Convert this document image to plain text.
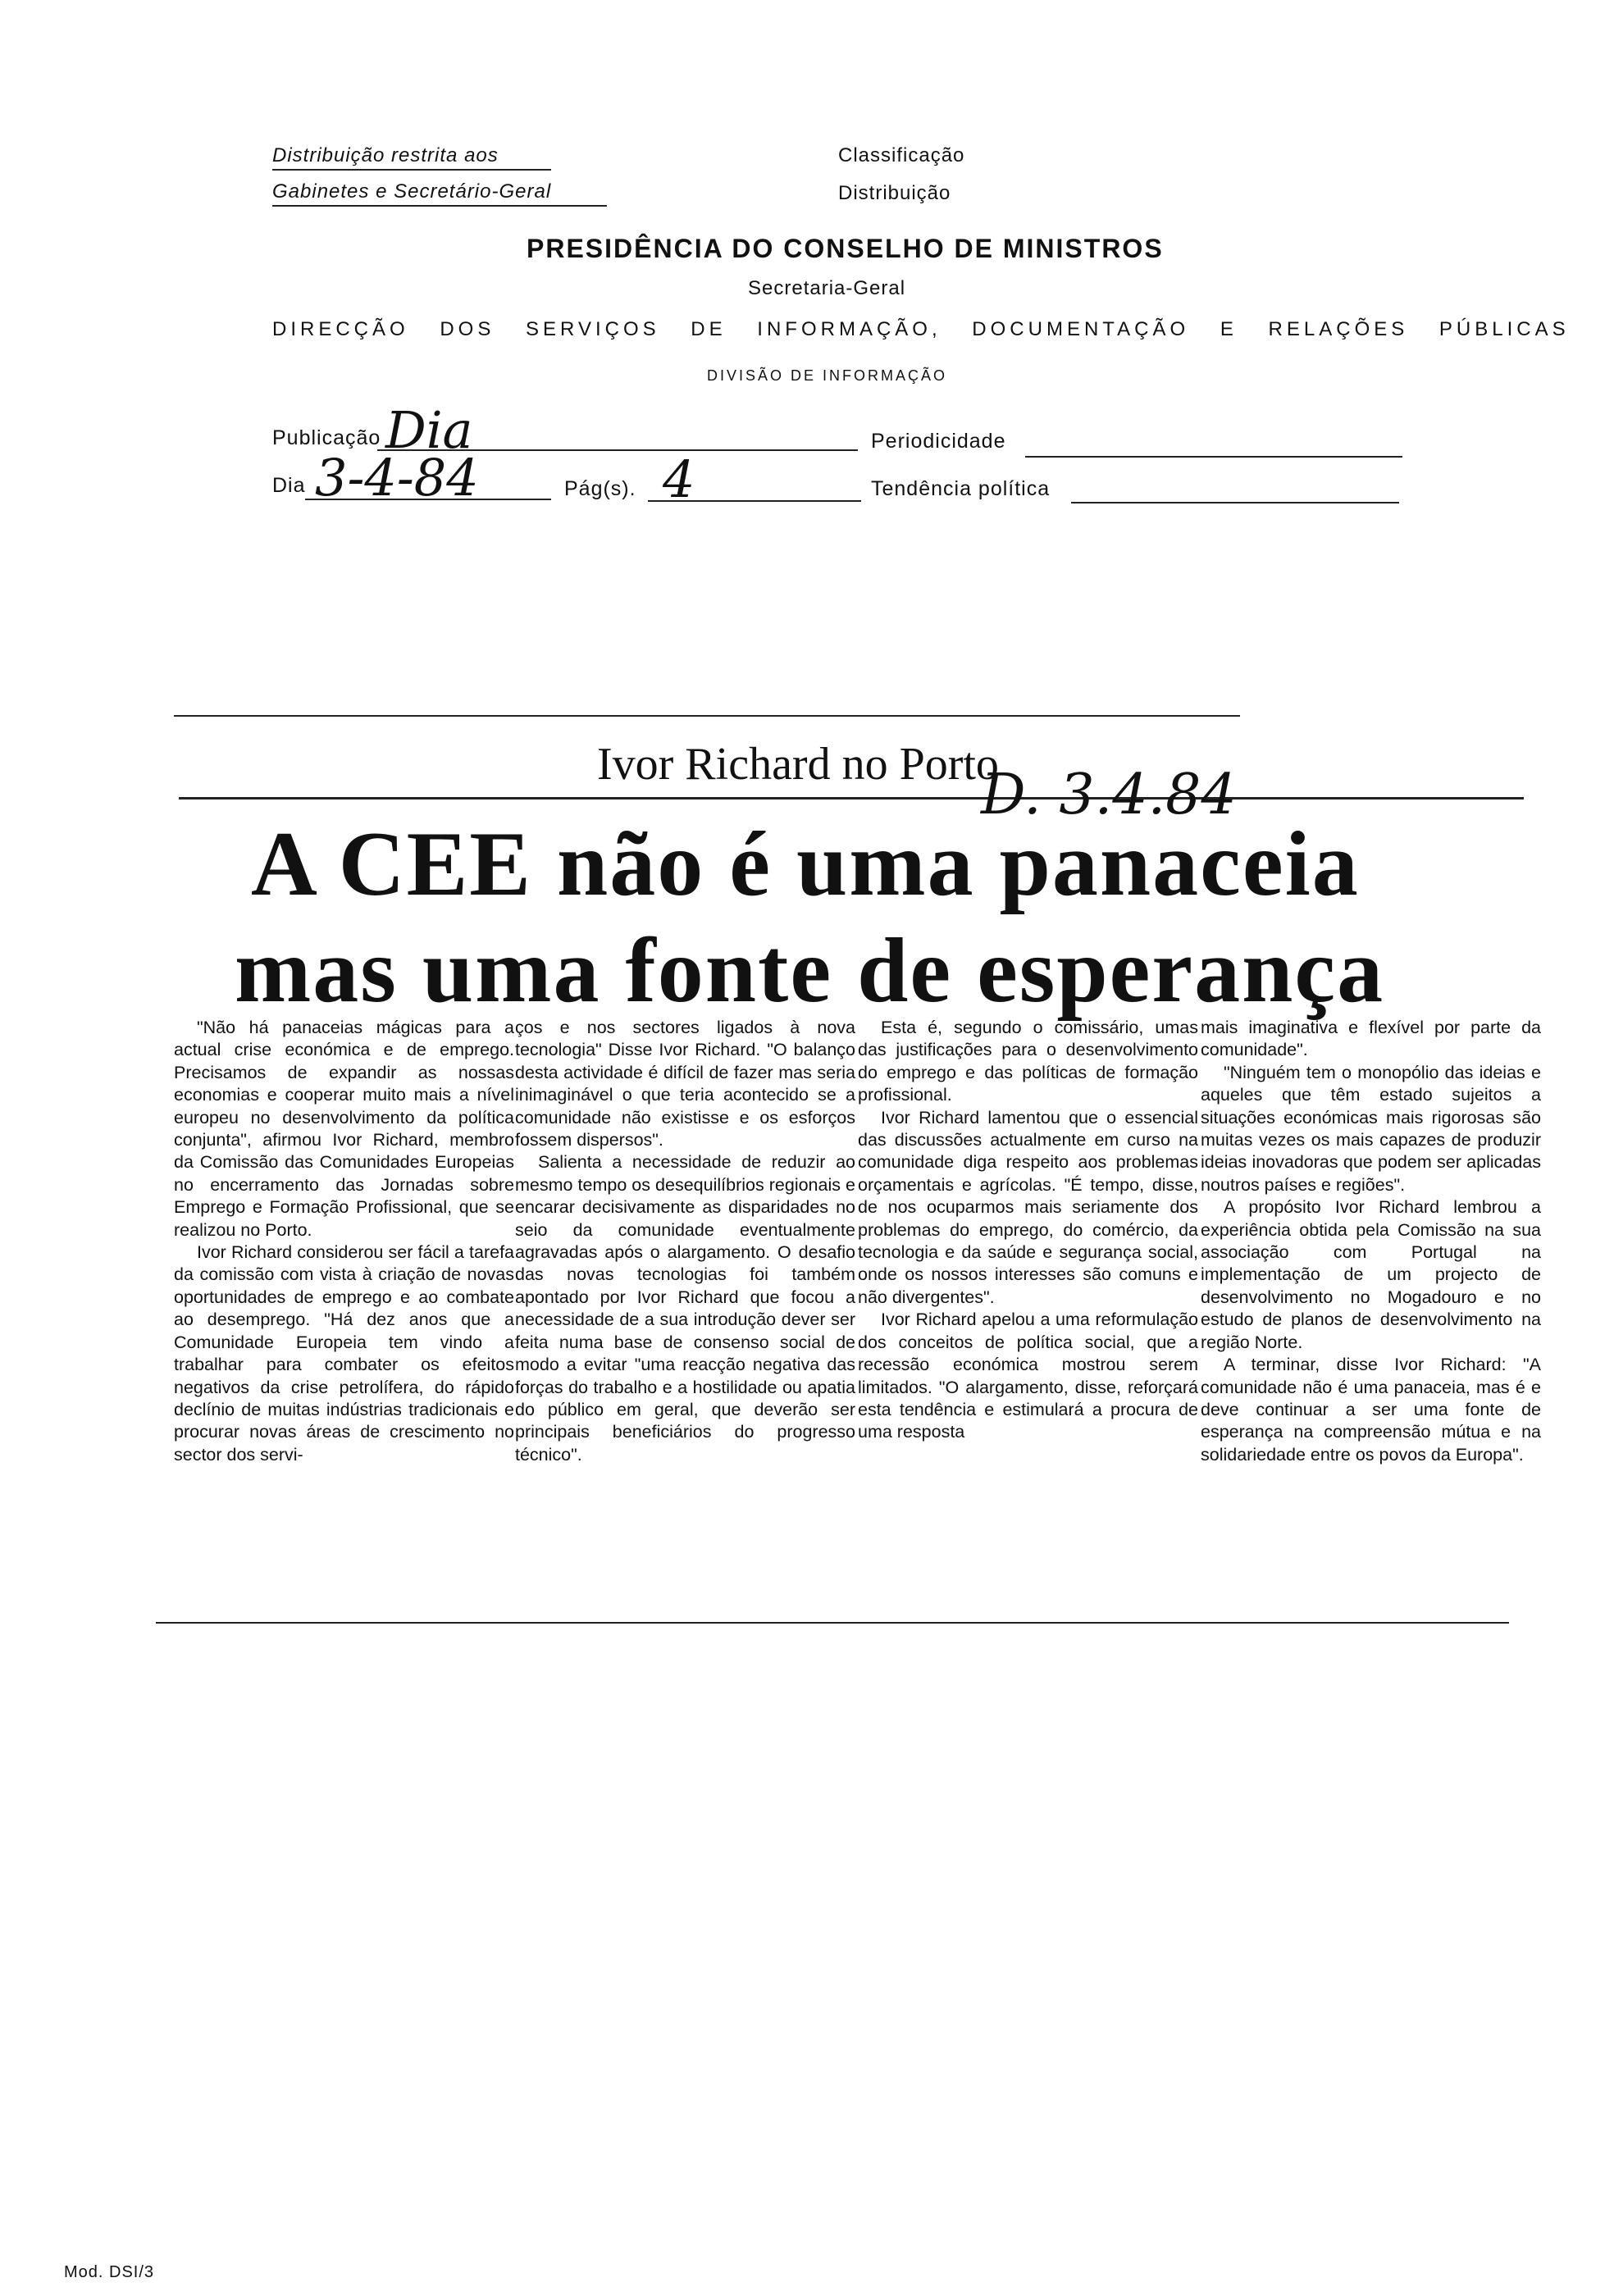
Distribuição restrita aos
Gabinetes e Secretário-Geral
Classificação
Distribuição
PRESIDÊNCIA DO CONSELHO DE MINISTROS
Secretaria-Geral
DIRECÇÃO DOS SERVIÇOS DE INFORMAÇÃO, DOCUMENTAÇÃO E RELAÇÕES PÚBLICAS
DIVISÃO DE INFORMAÇÃO
Publicação Dia	Periodicidade
Dia 3-4-84	Pág(s). 4	Tendência política
Ivor Richard no Porto
D. 3.4.84
A CEE não é uma panaceia
mas uma fonte de esperança

"Não há panaceias mágicas para a actual crise económica e de emprego. Precisamos de expandir as nossas economias e cooperar muito mais a nível europeu no desenvolvimento da política conjunta", afirmou Ivor Richard, membro da Comissão das Comunidades Europeias no encerramento das Jornadas sobre Emprego e Formação Profissional, que se realizou no Porto.

Ivor Richard considerou ser fácil a tarefa da comissão com vista à criação de novas oportunidades de emprego e ao combate ao desemprego. "Há dez anos que a Comunidade Europeia tem vindo a trabalhar para combater os efeitos negativos da crise petrolífera, do rápido declínio de muitas indústrias tradicionais e procurar novas áreas de crescimento no sector dos servi-

ços e nos sectores ligados à nova tecnologia" Disse Ivor Richard. "O balanço desta actividade é difícil de fazer mas seria inimaginável o que teria acontecido se a comunidade não existisse e os esforços fossem dispersos".

Salienta a necessidade de reduzir ao mesmo tempo os desequilíbrios regionais e encarar decisivamente as disparidades no seio da comunidade eventualmente agravadas após o alargamento. O desafio das novas tecnologias foi também apontado por Ivor Richard que focou a necessidade de a sua introdução dever ser feita numa base de consenso social de modo a evitar "uma reacção negativa das forças do trabalho e a hostilidade ou apatia do público em geral, que deverão ser principais beneficiários do progresso técnico".

Esta é, segundo o comissário, umas das justificações para o desenvolvimento do emprego e das políticas de formação profissional.

Ivor Richard lamentou que o essencial das discussões actualmente em curso na comunidade diga respeito aos problemas orçamentais e agrícolas. "É tempo, disse, de nos ocuparmos mais seriamente dos problemas do emprego, do comércio, da tecnologia e da saúde e segurança social, onde os nossos interesses são comuns e não divergentes".

Ivor Richard apelou a uma reformulação dos conceitos de política social, que a recessão económica mostrou serem limitados. "O alargamento, disse, reforçará esta tendência e estimulará a procura de uma resposta

mais imaginativa e flexível por parte da comunidade".

"Ninguém tem o monopólio das ideias e aqueles que têm estado sujeitos a situações económicas mais rigorosas são muitas vezes os mais capazes de produzir ideias inovadoras que podem ser aplicadas noutros países e regiões".

A propósito Ivor Richard lembrou a experiência obtida pela Comissão na sua associação com Portugal na implementação de um projecto de desenvolvimento no Mogadouro e no estudo de planos de desenvolvimento na região Norte.

A terminar, disse Ivor Richard: "A comunidade não é uma panaceia, mas é e deve continuar a ser uma fonte de esperança na compreensão mútua e na solidariedade entre os povos da Europa".

Mod. DSI/3
